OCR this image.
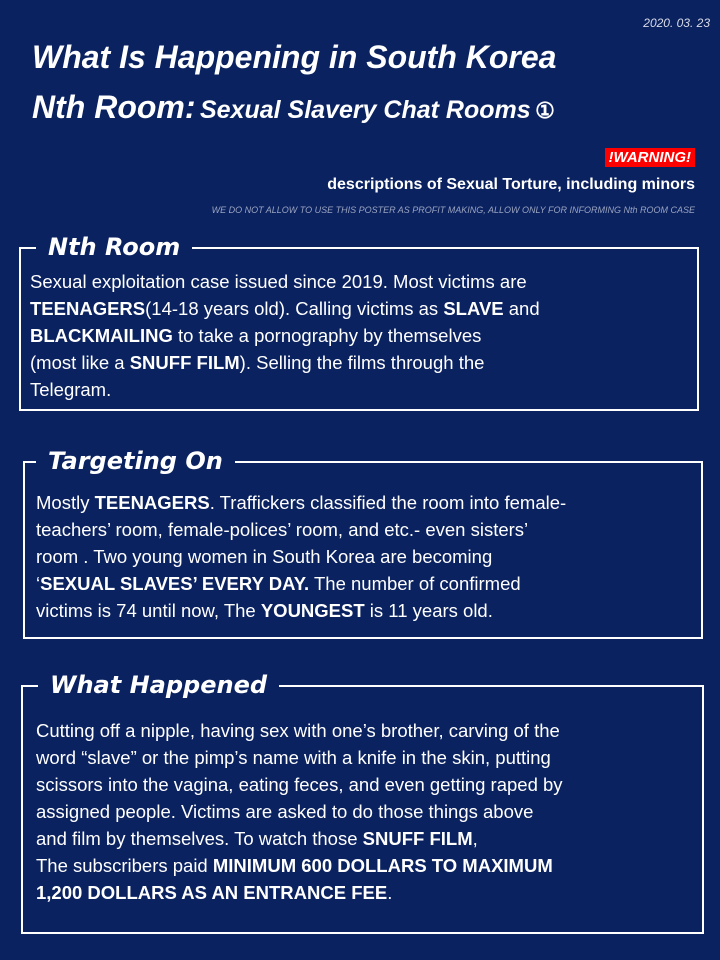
2020. 03. 23
What Is Happening in South Korea
Nth Room: Sexual Slavery Chat Rooms ①
!WARNING!
descriptions of Sexual Torture, including minors
WE DO NOT ALLOW TO USE THIS POSTER AS PROFIT MAKING, ALLOW ONLY FOR INFORMING Nth ROOM CASE
Nth Room
Sexual exploitation case issued since 2019. Most victims are
TEENAGERS(14-18 years old). Calling victims as SLAVE and
BLACKMAILING to take a pornography by themselves
(most like a SNUFF FILM). Selling the films through the
Telegram.
Targeting On
Mostly TEENAGERS. Traffickers classified the room into female-
teachers’ room, female-polices’ room, and etc.- even sisters’
room . Two young women in South Korea are becoming
‘SEXUAL SLAVES’ EVERY DAY. The number of confirmed
victims is 74 until now, The YOUNGEST is 11 years old.
What Happened
Cutting off a nipple, having sex with one’s brother, carving of the
word “slave” or the pimp’s name with a knife in the skin, putting
scissors into the vagina, eating feces, and even getting raped by
assigned people. Victims are asked to do those things above
and film by themselves. To watch those SNUFF FILM,
The subscribers paid MINIMUM 600 DOLLARS TO MAXIMUM
1,200 DOLLARS AS AN ENTRANCE FEE.
